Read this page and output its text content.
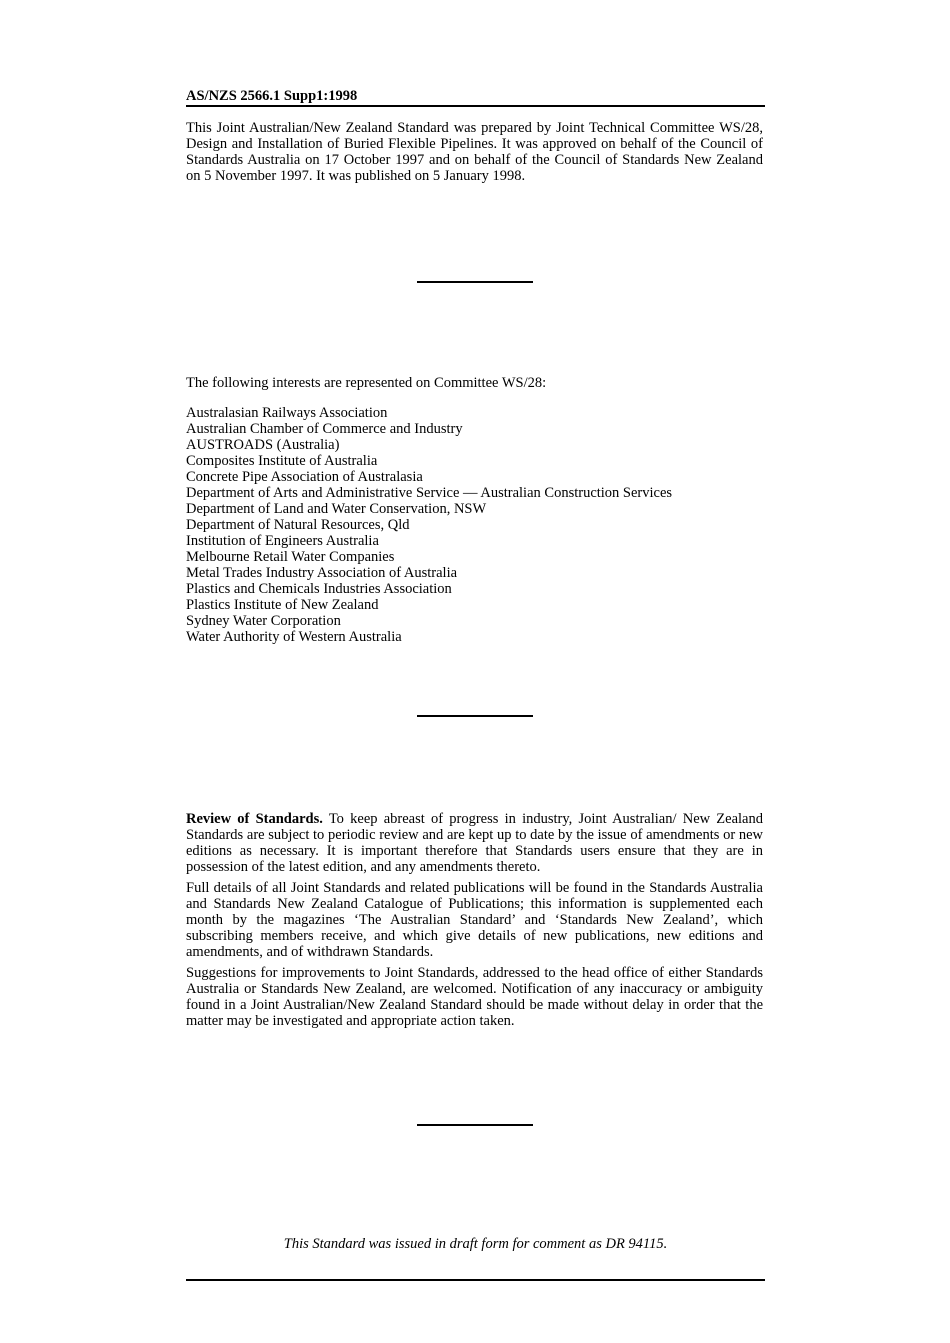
AS/NZS 2566.1 Supp1:1998

This Joint Australian/New Zealand Standard was prepared by Joint Technical Committee WS/28, Design and Installation of Buried Flexible Pipelines. It was approved on behalf of the Council of Standards Australia on 17 October 1997 and on behalf of the Council of Standards New Zealand on 5 November 1997. It was published on 5 January 1998.

The following interests are represented on Committee WS/28:

Australasian Railways Association
Australian Chamber of Commerce and Industry
AUSTROADS (Australia)
Composites Institute of Australia
Concrete Pipe Association of Australasia
Department of Arts and Administrative Service — Australian Construction Services
Department of Land and Water Conservation, NSW
Department of Natural Resources, Qld
Institution of Engineers Australia
Melbourne Retail Water Companies
Metal Trades Industry Association of Australia
Plastics and Chemicals Industries Association
Plastics Institute of New Zealand
Sydney Water Corporation
Water Authority of Western Australia

Review of Standards. To keep abreast of progress in industry, Joint Australian/ New Zealand Standards are subject to periodic review and are kept up to date by the issue of amendments or new editions as necessary. It is important therefore that Standards users ensure that they are in possession of the latest edition, and any amendments thereto.

Full details of all Joint Standards and related publications will be found in the Standards Australia and Standards New Zealand Catalogue of Publications; this information is supplemented each month by the magazines ‘The Australian Standard’ and ‘Standards New Zealand’, which subscribing members receive, and which give details of new publications, new editions and amendments, and of withdrawn Standards.

Suggestions for improvements to Joint Standards, addressed to the head office of either Standards Australia or Standards New Zealand, are welcomed. Notification of any inaccuracy or ambiguity found in a Joint Australian/New Zealand Standard should be made without delay in order that the matter may be investigated and appropriate action taken.

This Standard was issued in draft form for comment as DR 94115.
